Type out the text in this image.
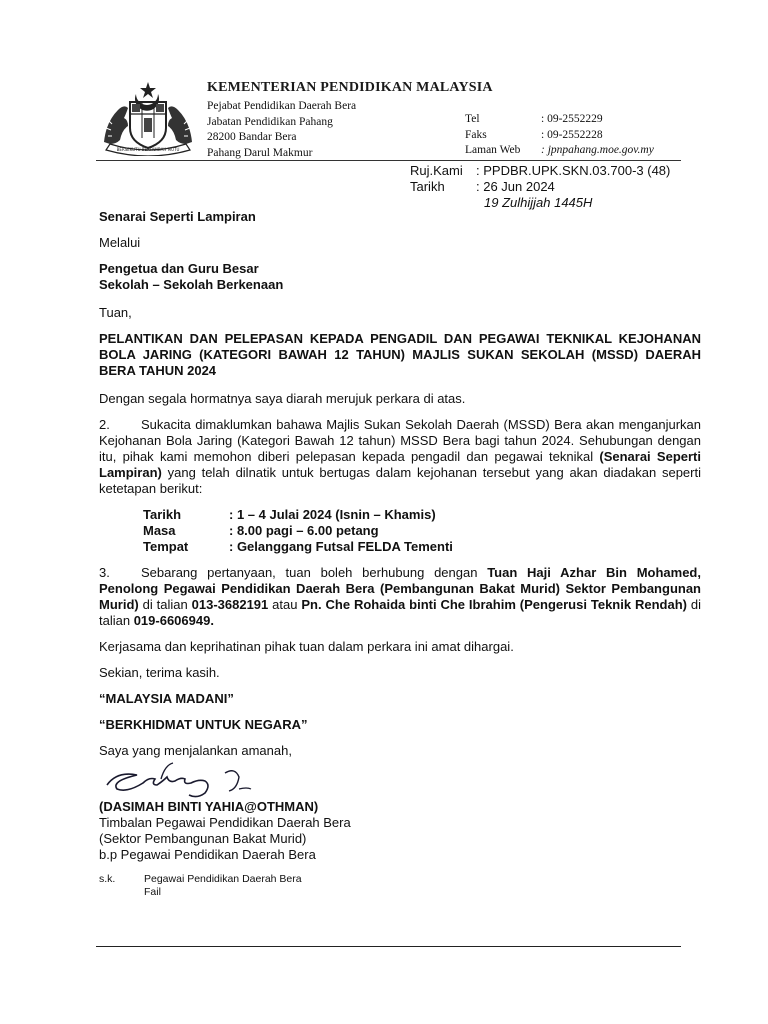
BERSEKUTU BERTAMBAH MUTU
KEMENTERIAN PENDIDIKAN MALAYSIA
Pejabat Pendidikan Daerah Bera
Jabatan Pendidikan Pahang
28200 Bandar Bera
Pahang Darul Makmur
Tel	: 09-2552229
Faks	: 09-2552228
Laman Web	: jpnpahang.moe.gov.my
Ruj.Kami	: PPDBR.UPK.SKN.03.700-3 (48)
Tarikh	: 26 Jun 2024
19 Zulhijjah 1445H
Senarai Seperti Lampiran
Melalui
Pengetua dan Guru Besar
Sekolah – Sekolah Berkenaan
Tuan,
PELANTIKAN DAN PELEPASAN KEPADA PENGADIL DAN PEGAWAI TEKNIKAL KEJOHANAN BOLA JARING (KATEGORI BAWAH 12 TAHUN) MAJLIS SUKAN SEKOLAH (MSSD) DAERAH BERA TAHUN 2024
Dengan segala hormatnya saya diarah merujuk perkara di atas.
2. Sukacita dimaklumkan bahawa Majlis Sukan Sekolah Daerah (MSSD) Bera akan menganjurkan Kejohanan Bola Jaring (Kategori Bawah 12 tahun) MSSD Bera bagi tahun 2024. Sehubungan dengan itu, pihak kami memohon diberi pelepasan kepada pengadil dan pegawai teknikal (Senarai Seperti Lampiran) yang telah dilnatik untuk bertugas dalam kejohanan tersebut yang akan diadakan seperti ketetapan berikut:
Tarikh	: 1 – 4 Julai 2024 (Isnin – Khamis)
Masa	: 8.00 pagi – 6.00 petang
Tempat	: Gelanggang Futsal FELDA Tementi
3. Sebarang pertanyaan, tuan boleh berhubung dengan Tuan Haji Azhar Bin Mohamed, Penolong Pegawai Pendidikan Daerah Bera (Pembangunan Bakat Murid) Sektor Pembangunan Murid) di talian 013-3682191 atau Pn. Che Rohaida binti Che Ibrahim (Pengerusi Teknik Rendah) di talian 019-6606949.
Kerjasama dan keprihatinan pihak tuan dalam perkara ini amat dihargai.
Sekian, terima kasih.
“MALAYSIA MADANI”
“BERKHIDMAT UNTUK NEGARA”
Saya yang menjalankan amanah,
(DASIMAH BINTI YAHIA@OTHMAN)
Timbalan Pegawai Pendidikan Daerah Bera
(Sektor Pembangunan Bakat Murid)
b.p Pegawai Pendidikan Daerah Bera
s.k.	Pegawai Pendidikan Daerah Bera
Fail
